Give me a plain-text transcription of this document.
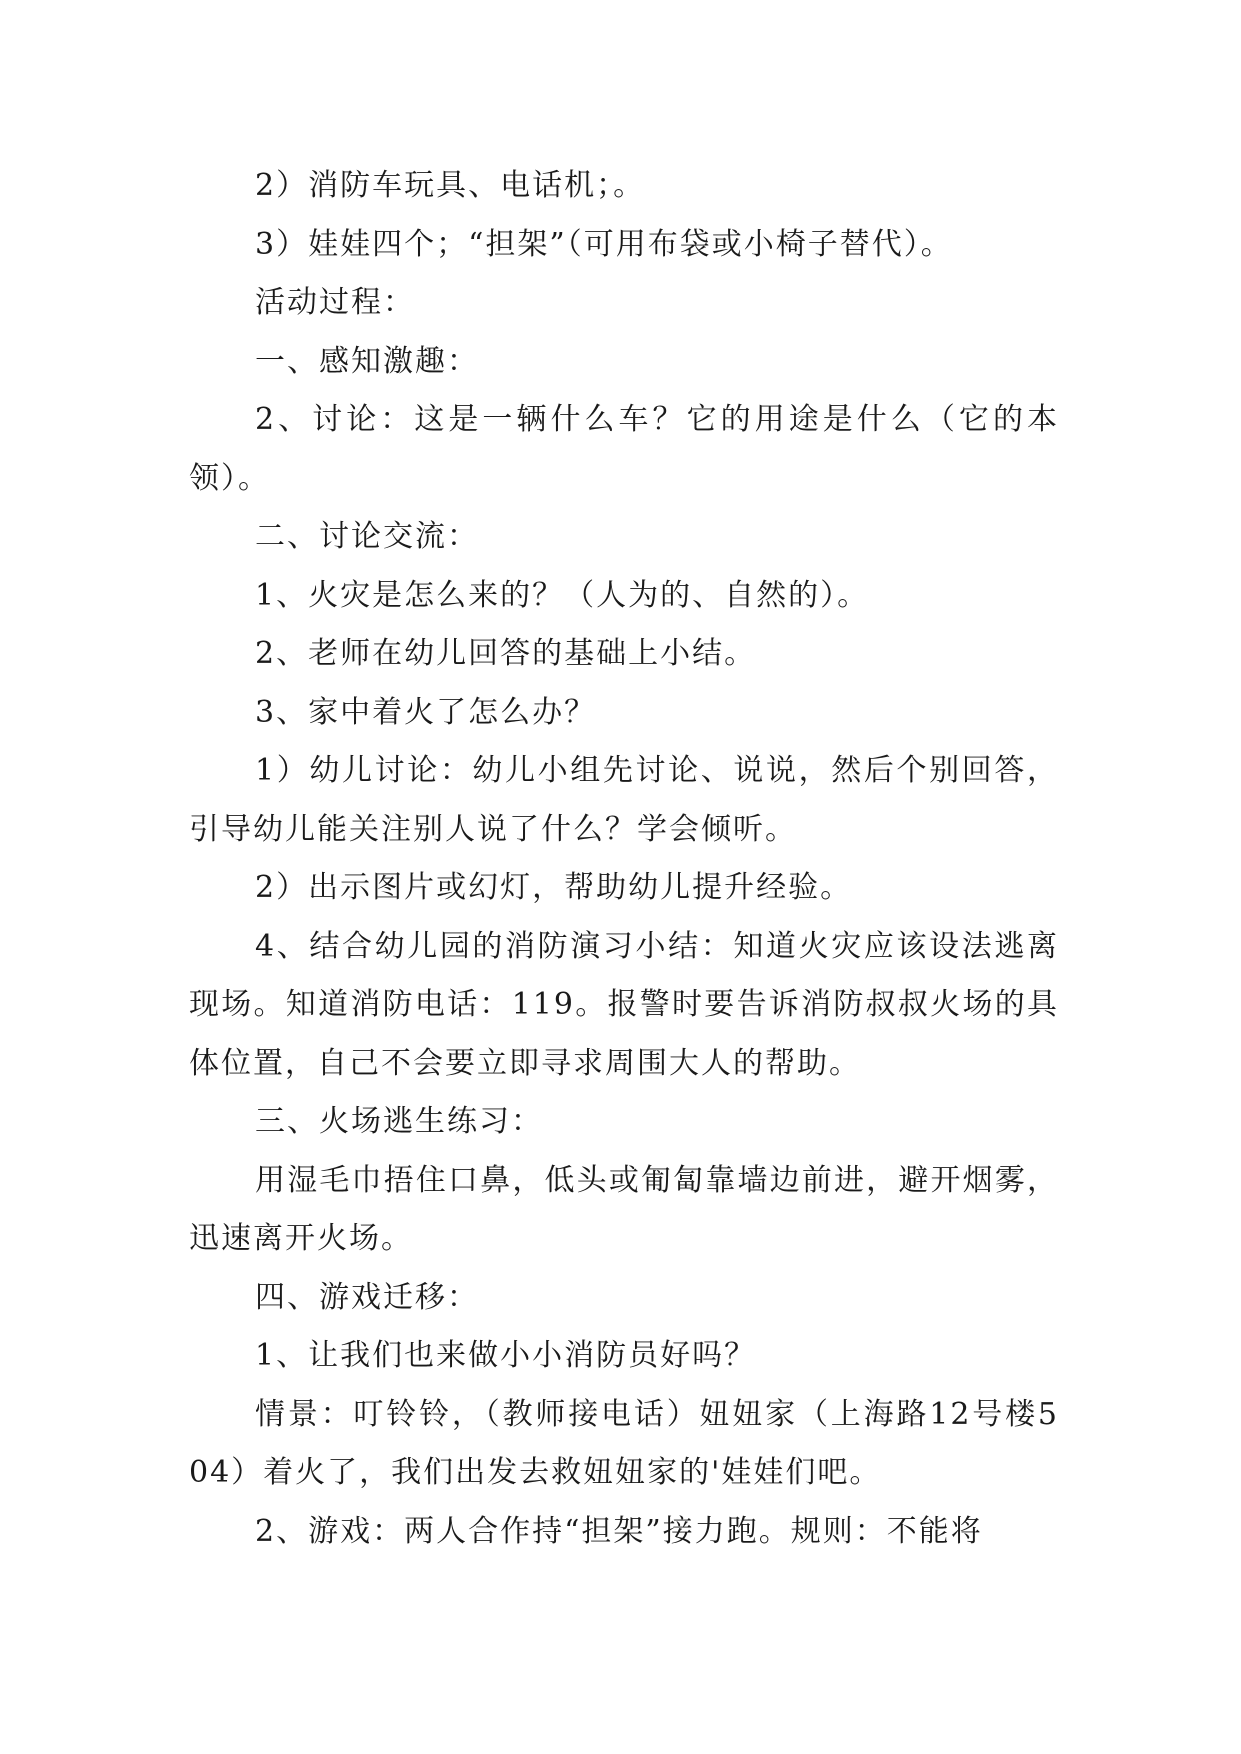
2）消防车玩具、电话机；。

3）娃娃四个；“担架”（可用布袋或小椅子替代）。

活动过程：

一、感知激趣：

2、讨论：这是一辆什么车？它的用途是什么（它的本领）。

二、讨论交流：

1、火灾是怎么来的？（人为的、自然的）。

2、老师在幼儿回答的基础上小结。

3、家中着火了怎么办？

1）幼儿讨论：幼儿小组先讨论、说说，然后个别回答，引导幼儿能关注别人说了什么？学会倾听。

2）出示图片或幻灯，帮助幼儿提升经验。

4、结合幼儿园的消防演习小结：知道火灾应该设法逃离现场。知道消防电话：119。报警时要告诉消防叔叔火场的具体位置，自己不会要立即寻求周围大人的帮助。

三、火场逃生练习：

用湿毛巾捂住口鼻，低头或匍匐靠墙边前进，避开烟雾，迅速离开火场。

四、游戏迁移：

1、让我们也来做小小消防员好吗？

情景：叮铃铃，（教师接电话）妞妞家（上海路12号楼504）着火了，我们出发去救妞妞家的'娃娃们吧。

2、游戏：两人合作持“担架”接力跑。规则：不能将
